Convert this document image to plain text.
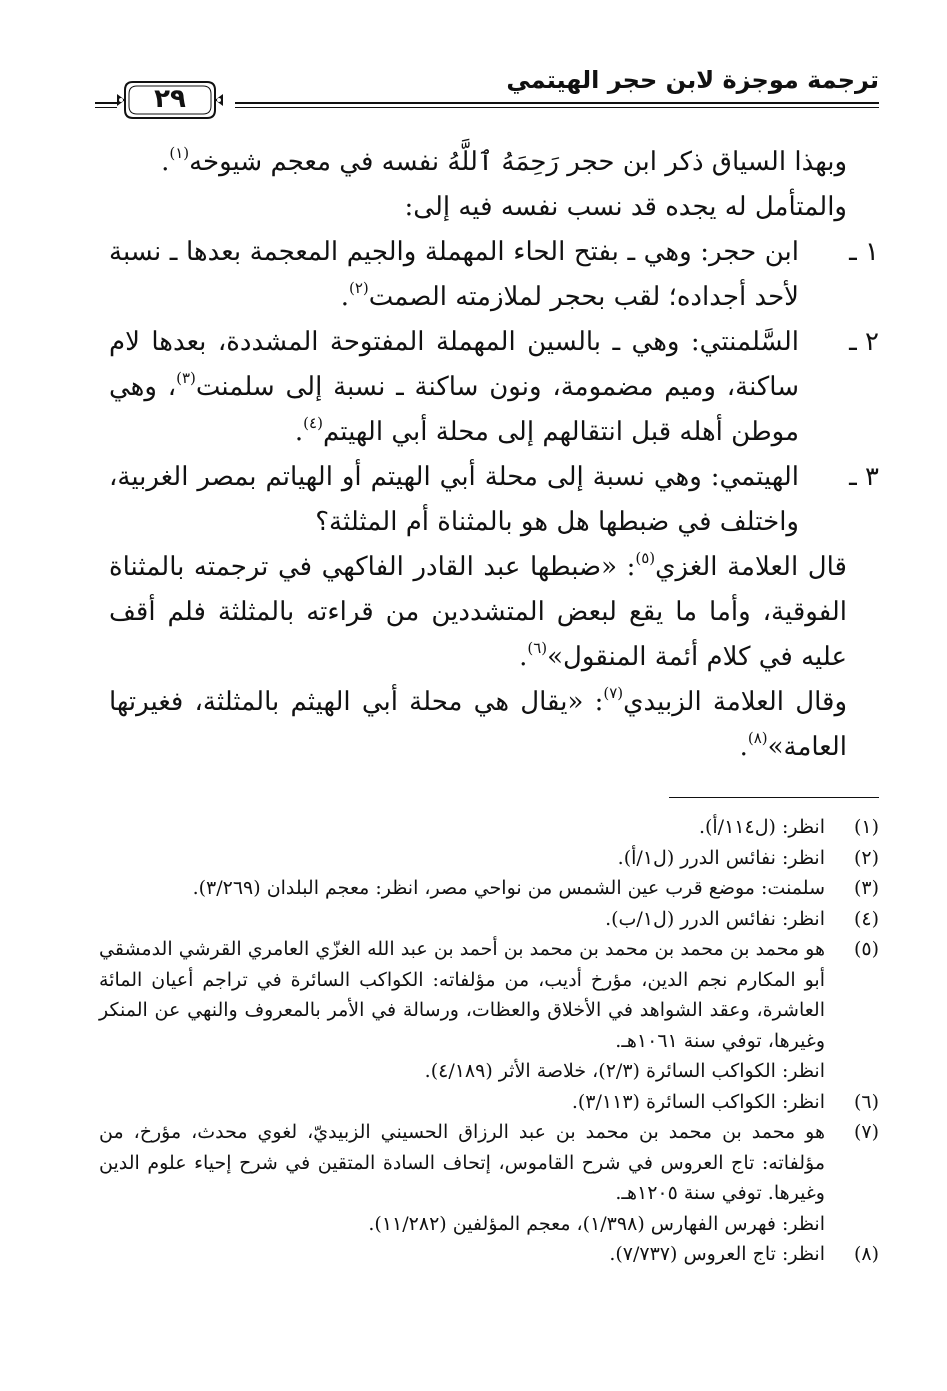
ترجمة موجزة لابن حجر الهيتمي
٢٩

وبهذا السياق ذكر ابن حجر رَحِمَهُ ٱللَّهُ نفسه في معجم شيوخه$^{(١)}$.

والمتأمل له يجده قد نسب نفسه فيه إلى:

١ ـ
ابن حجر: وهي ـ بفتح الحاء المهملة والجيم المعجمة بعدها ـ نسبة لأحد أجداده؛ لقب بحجر لملازمته الصمت$^{(٢)}$.

٢ ـ
السَّلمنتي: وهي ـ بالسين المهملة المفتوحة المشددة، بعدها لام ساكنة، وميم مضمومة، ونون ساكنة ـ نسبة إلى سلمنت$^{(٣)}$، وهي موطن أهله قبل انتقالهم إلى محلة أبي الهيتم$^{(٤)}$.

٣ ـ
الهيتمي: وهي نسبة إلى محلة أبي الهيتم أو الهياتم بمصر الغربية، واختلف في ضبطها هل هو بالمثناة أم المثلثة؟

قال العلامة الغزي$^{(٥)}$: «ضبطها عبد القادر الفاكهي في ترجمته بالمثناة الفوقية، وأما ما يقع لبعض المتشددين من قراءته بالمثلثة فلم أقف عليه في كلام أئمة المنقول»$^{(٦)}$.

وقال العلامة الزبيدي$^{(٧)}$: «يقال هي محلة أبي الهيثم بالمثلثة، فغيرتها العامة»$^{(٨)}$.

(١)
انظر: (ل١١٤/أ).

(٢)
انظر: نفائس الدرر (ل١/أ).

(٣)
سلمنت: موضع قرب عين الشمس من نواحي مصر، انظر: معجم البلدان (٣/٢٦٩).

(٤)
انظر: نفائس الدرر (ل١/ب).

(٥)
هو محمد بن محمد بن محمد بن محمد بن أحمد بن عبد الله الغزّي العامري القرشي الدمشقي أبو المكارم نجم الدين، مؤرخ أديب، من مؤلفاته: الكواكب السائرة في تراجم أعيان المائة العاشرة، وعقد الشواهد في الأخلاق والعظات، ورسالة في الأمر بالمعروف والنهي عن المنكر وغيرها، توفي سنة ١٠٦١هـ.
انظر: الكواكب السائرة (٢/٣)، خلاصة الأثر (٤/١٨٩).

(٦)
انظر: الكواكب السائرة (٣/١١٣).

(٧)
هو محمد بن محمد بن محمد بن عبد الرزاق الحسيني الزبيديّ، لغوي محدث، مؤرخ، من مؤلفاته: تاج العروس في شرح القاموس، إتحاف السادة المتقين في شرح إحياء علوم الدين وغيرها. توفي سنة ١٢٠٥هـ.
انظر: فهرس الفهارس (١/٣٩٨)، معجم المؤلفين (١١/٢٨٢).

(٨)
انظر: تاج العروس (٧/٧٣٧).
